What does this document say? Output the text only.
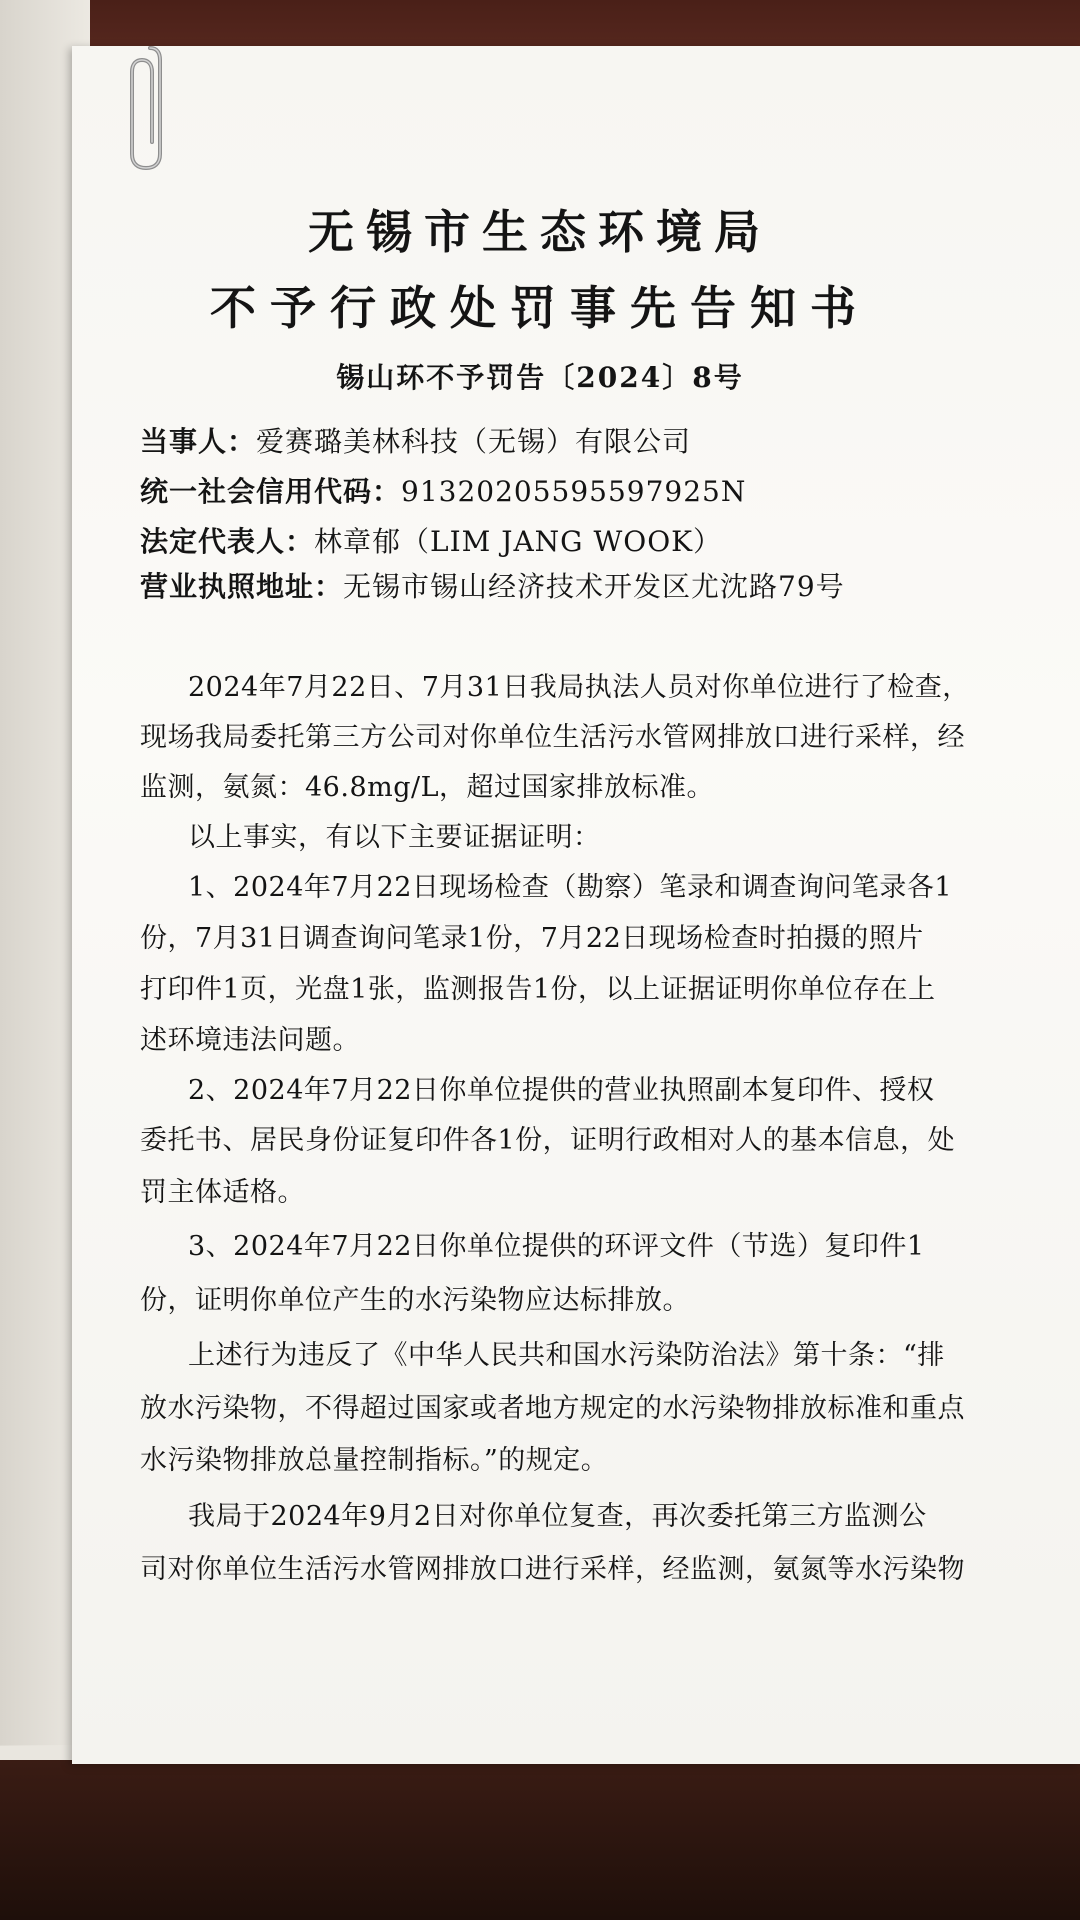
无锡市生态环境局
不予行政处罚事先告知书
锡山环不予罚告〔2024〕8号
当事人：爱赛璐美林科技（无锡）有限公司
统一社会信用代码：91320205595597925N
法定代表人：林章郁（LIM JANG WOOK）
营业执照地址：无锡市锡山经济技术开发区尤沈路79号
2024年7月22日、7月31日我局执法人员对你单位进行了检查，
现场我局委托第三方公司对你单位生活污水管网排放口进行采样，经
监测，氨氮：46.8mg/L，超过国家排放标准。
以上事实，有以下主要证据证明：
1、2024年7月22日现场检查（勘察）笔录和调查询问笔录各1
份，7月31日调查询问笔录1份，7月22日现场检查时拍摄的照片
打印件1页，光盘1张，监测报告1份，以上证据证明你单位存在上
述环境违法问题。
2、2024年7月22日你单位提供的营业执照副本复印件、授权
委托书、居民身份证复印件各1份，证明行政相对人的基本信息，处
罚主体适格。
3、2024年7月22日你单位提供的环评文件（节选）复印件1
份，证明你单位产生的水污染物应达标排放。
上述行为违反了《中华人民共和国水污染防治法》第十条：“排
放水污染物，不得超过国家或者地方规定的水污染物排放标准和重点
水污染物排放总量控制指标。”的规定。
我局于2024年9月2日对你单位复查，再次委托第三方监测公
司对你单位生活污水管网排放口进行采样，经监测，氨氮等水污染物
